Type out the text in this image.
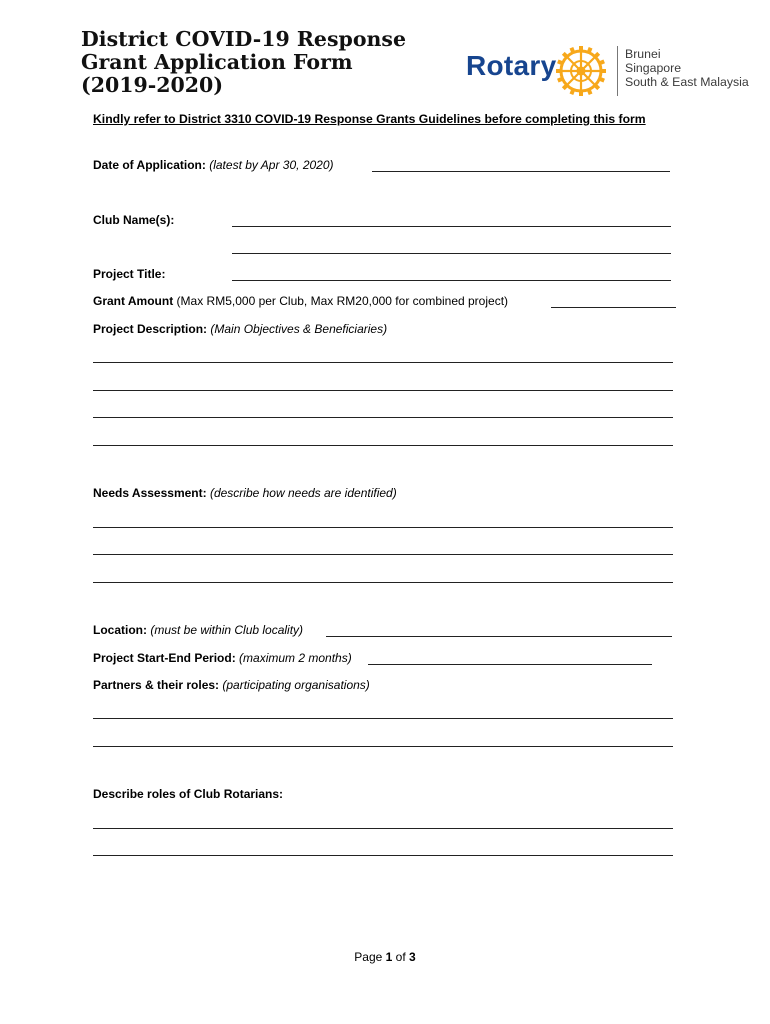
District COVID-19 Response
Grant Application Form
(2019-2020)
Rotary	Brunei
Singapore
South & East Malaysia
Kindly refer to District 3310 COVID-19 Response Grants Guidelines before completing this form
Date of Application: (latest by Apr 30, 2020)
Club Name(s):
Project Title:
Grant Amount (Max RM5,000 per Club, Max RM20,000 for combined project)
Project Description: (Main Objectives & Beneficiaries)
Needs Assessment: (describe how needs are identified)
Location: (must be within Club locality)
Project Start-End Period: (maximum 2 months)
Partners & their roles: (participating organisations)
Describe roles of Club Rotarians:
Page 1 of 3
